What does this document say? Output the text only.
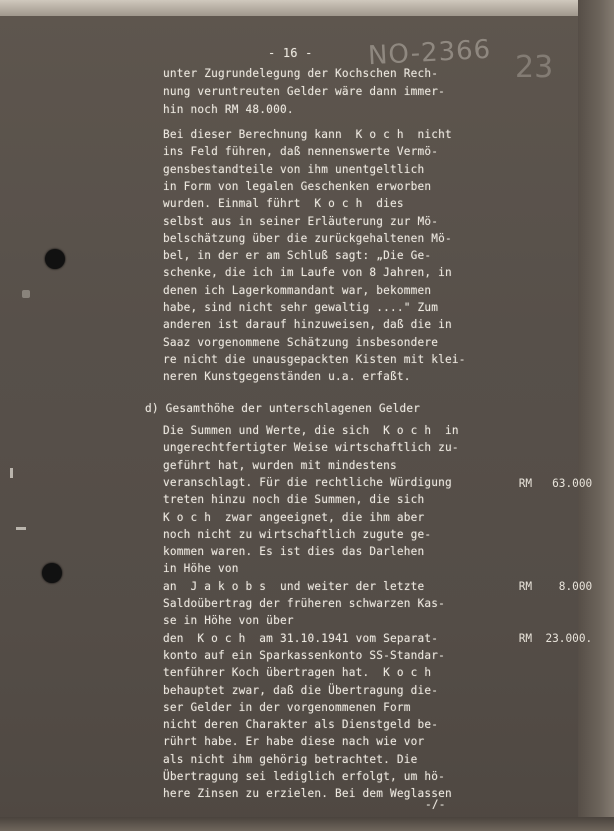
- 16 - NO-2366 23
unter Zugrundelegung der Kochschen Rech-
nung veruntreuten Gelder wäre dann immer-
hin noch RM 48.000.
Bei dieser Berechnung kann  K o c h  nicht
ins Feld führen, daß nennenswerte Vermö-
gensbestandteile von ihm unentgeltlich
in Form von legalen Geschenken erworben
wurden. Einmal führt  K o c h  dies
selbst aus in seiner Erläuterung zur Mö-
belschätzung über die zurückgehaltenen Mö-
bel, in der er am Schluß sagt: „Die Ge-
schenke, die ich im Laufe von 8 Jahren, in
denen ich Lagerkommandant war, bekommen
habe, sind nicht sehr gewaltig ...." Zum
anderen ist darauf hinzuweisen, daß die in
Saaz vorgenommene Schätzung insbesondere
re nicht die unausgepackten Kisten mit klei-
neren Kunstgegenständen u.a. erfaßt.
d) Gesamthöhe der unterschlagenen Gelder
Die Summen und Werte, die sich  K o c h  in
ungerechtfertigter Weise wirtschaftlich zu-
geführt hat, wurden mit mindestens
veranschlagt. Für die rechtliche Würdigung
treten hinzu noch die Summen, die sich
K o c h  zwar angeeignet, die ihm aber
noch nicht zu wirtschaftlich zugute ge-
kommen waren. Es ist dies das Darlehen
in Höhe von
an  J a k o b s  und weiter der letzte
Saldoübertrag der früheren schwarzen Kas-
se in Höhe von über
den  K o c h  am 31.10.1941 vom Separat-
konto auf ein Sparkassenkonto SS-Standar-
tenführer Koch übertragen hat.  K o c h
behauptet zwar, daß die Übertragung die-
ser Gelder in der vorgenommenen Form
nicht deren Charakter als Dienstgeld be-
rührt habe. Er habe diese nach wie vor
als nicht ihm gehörig betrachtet. Die
Übertragung sei lediglich erfolgt, um hö-
here Zinsen zu erzielen. Bei dem Weglassen

RM 63.000

RM 8.000

RM 23.000.

-/-
